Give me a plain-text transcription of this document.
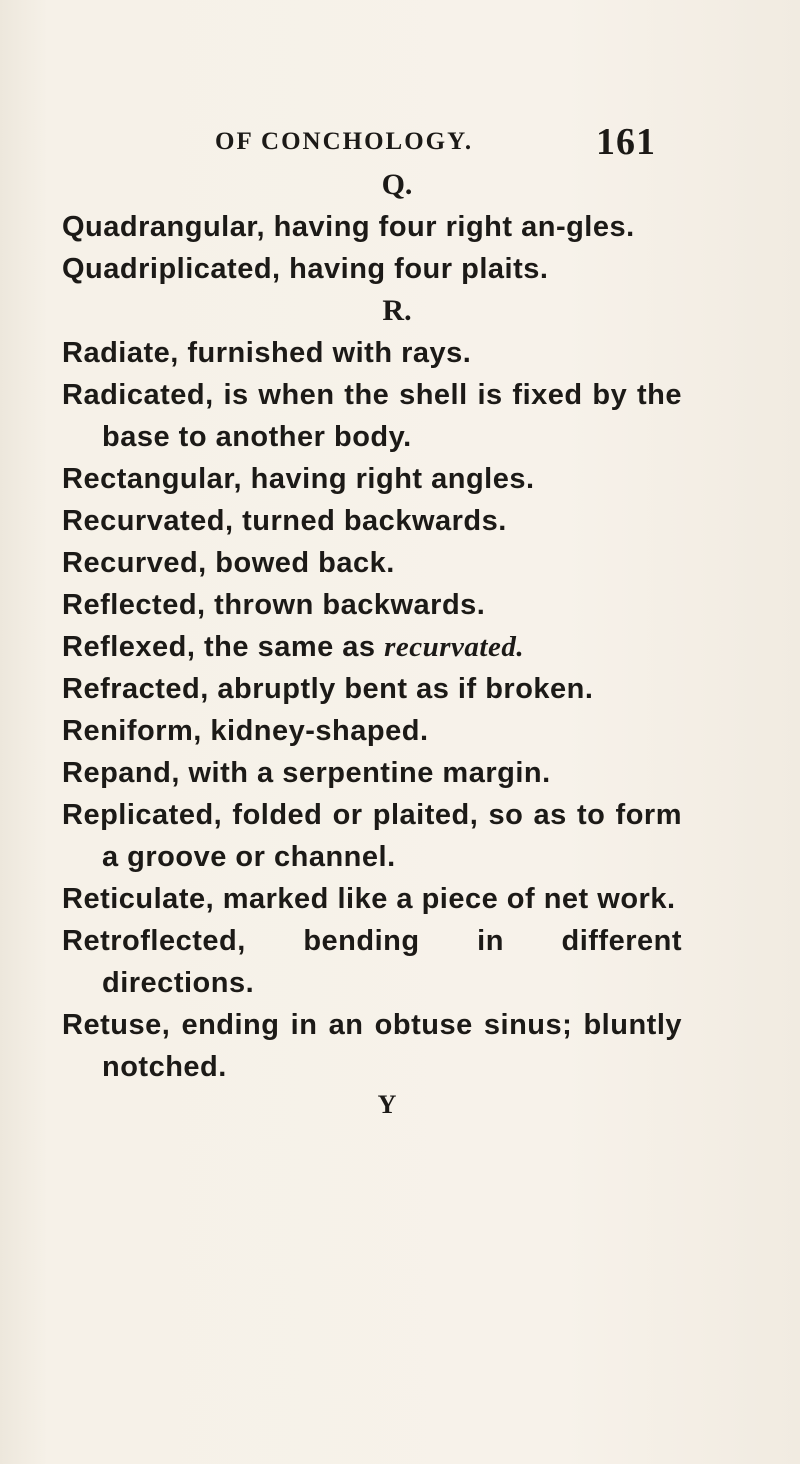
OF CONCHOLOGY.	161
Q.
Quadrangular, having four right an-gles.
Quadriplicated, having four plaits.
R.
Radiate, furnished with rays.
Radicated, is when the shell is fixed by the base to another body.
Rectangular, having right angles.
Recurvated, turned backwards.
Recurved, bowed back.
Reflected, thrown backwards.
Reflexed, the same as recurvated.
Refracted, abruptly bent as if broken.
Reniform, kidney-shaped.
Repand, with a serpentine margin.
Replicated, folded or plaited, so as to form a groove or channel.
Reticulate, marked like a piece of net work.
Retroflected, bending in different directions.
Retuse, ending in an obtuse sinus; bluntly notched.
Y
